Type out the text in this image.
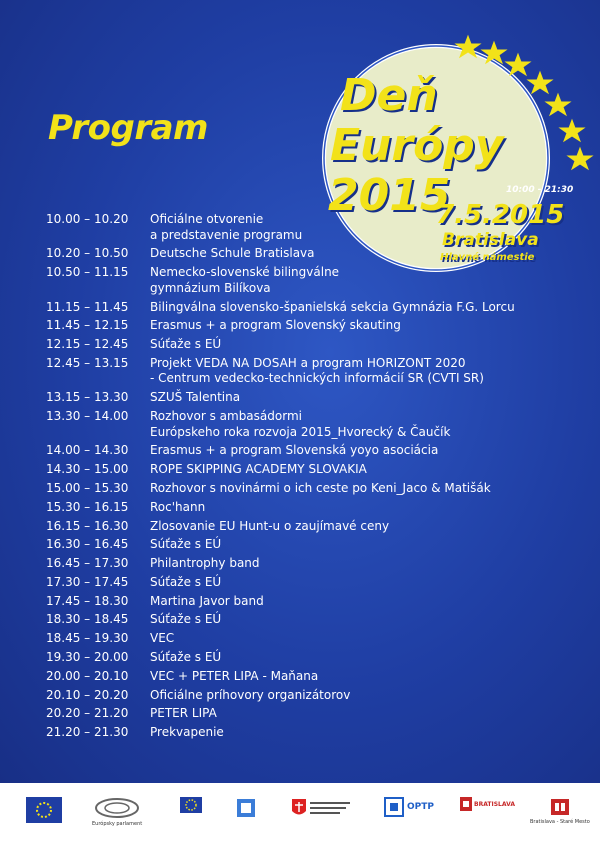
Program
Deň
Európy
2015	10:00 - 21:30
7.5.2015
Bratislava
Hlavné námestie
10.00 – 10.20	Oficiálne otvorenie
a predstavenie programu
10.20 – 10.50	Deutsche Schule Bratislava
10.50 – 11.15	Nemecko-slovenské bilingválne
gymnázium Bilíkova
11.15 – 11.45	Bilingválna slovensko-španielská sekcia Gymnázia F.G. Lorcu
11.45 – 12.15	Erasmus + a program Slovenský skauting
12.15 – 12.45	Súťaže s EÚ
12.45 – 13.15	Projekt VEDA NA DOSAH a program HORIZONT 2020
- Centrum vedecko-technických informácií SR (CVTI SR)
13.15 – 13.30	SZUŠ Talentina
13.30 – 14.00	Rozhovor s ambasádormi
Európskeho roka rozvoja 2015_Hvorecký & Čaučík
14.00 – 14.30	Erasmus + a program Slovenská yoyo asociácia
14.30 – 15.00	ROPE SKIPPING ACADEMY SLOVAKIA
15.00 – 15.30	Rozhovor s novinármi o ich ceste po Keni_Jaco & Matišák
15.30 – 16.15	Roc'hann
16.15 – 16.30	Zlosovanie EU Hunt-u o zaujímavé ceny
16.30 – 16.45	Súťaže s EÚ
16.45 – 17.30	Philantrophy band
17.30 – 17.45	Súťaže s EÚ
17.45 – 18.30	Martina Javor band
18.30 – 18.45	Súťaže s EÚ
18.45 – 19.30	VEC
19.30 – 20.00	Súťaže s EÚ
20.00 – 20.10	VEC + PETER LIPA - Maňana
20.10 – 20.20	Oficiálne príhovory organizátorov
20.20 – 21.20	PETER LIPA
21.20 – 21.30	Prekvapenie
Európsky parlament
OPTP	BRATISLAVA
Bratislava - Staré Mesto
